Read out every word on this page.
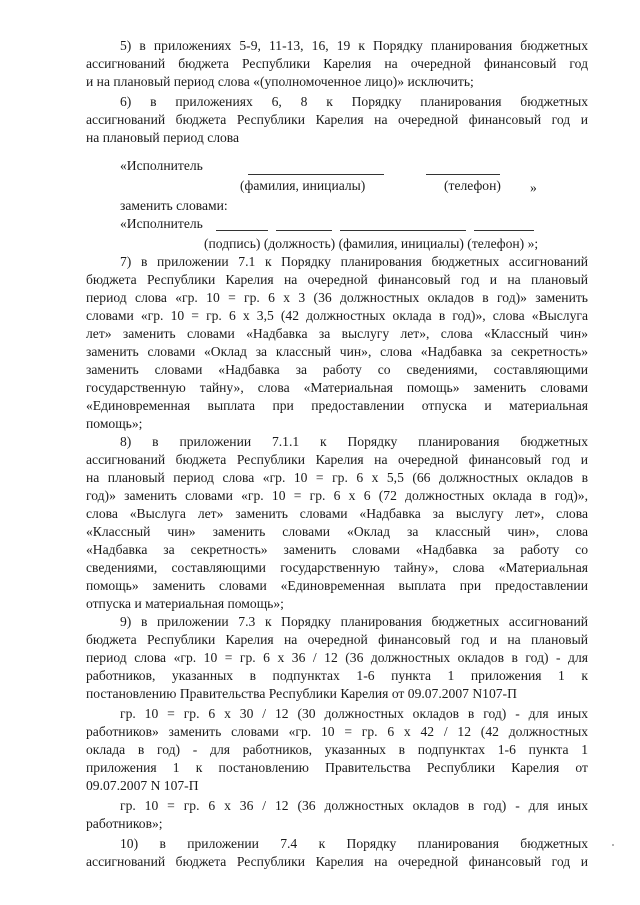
5) в приложениях 5-9, 11-13, 16, 19 к Порядку планирования бюджетных
ассигнований бюджета Республики Карелия на очередной финансовый год
и на плановый период слова «(уполномоченное лицо)» исключить;
6) в приложениях 6, 8 к Порядку планирования бюджетных
ассигнований бюджета Республики Карелия на очередной финансовый год и
на плановый период слова
«Исполнитель
(фамилия, инициалы)	(телефон) »
заменить словами:
«Исполнитель
(подпись) (должность) (фамилия, инициалы) (телефон) »;
7) в приложении 7.1 к Порядку планирования бюджетных ассигнований
бюджета Республики Карелия на очередной финансовый год и на плановый
период слова «гр. 10 = гр. 6 х 3 (36 должностных окладов в год)» заменить
словами «гр. 10 = гр. 6 х 3,5 (42 должностных оклада в год)», слова «Выслуга
лет» заменить словами «Надбавка за выслугу лет», слова «Классный чин»
заменить словами «Оклад за классный чин», слова «Надбавка за секретность»
заменить словами «Надбавка за работу со сведениями, составляющими
государственную тайну», слова «Материальная помощь» заменить словами
«Единовременная выплата при предоставлении отпуска и материальная
помощь»;
8) в приложении 7.1.1 к Порядку планирования бюджетных
ассигнований бюджета Республики Карелия на очередной финансовый год и
на плановый период слова «гр. 10 = гр. 6 х 5,5 (66 должностных окладов в
год)» заменить словами «гр. 10 = гр. 6 х 6 (72 должностных оклада в год)»,
слова «Выслуга лет» заменить словами «Надбавка за выслугу лет», слова
«Классный чин» заменить словами «Оклад за классный чин», слова
«Надбавка за секретность» заменить словами «Надбавка за работу со
сведениями, составляющими государственную тайну», слова «Материальная
помощь» заменить словами «Единовременная выплата при предоставлении
отпуска и материальная помощь»;
9) в приложении 7.3 к Порядку планирования бюджетных ассигнований
бюджета Республики Карелия на очередной финансовый год и на плановый
период слова «гр. 10 = гр. 6 х 36 / 12 (36 должностных окладов в год) - для
работников, указанных в подпунктах 1-6 пункта 1 приложения 1 к
постановлению Правительства Республики Карелия от 09.07.2007 N107-П
гр. 10 = гр. 6 х 30 / 12 (30 должностных окладов в год) - для иных
работников» заменить словами «гр. 10 = гр. 6 х 42 / 12 (42 должностных
оклада в год) - для работников, указанных в подпунктах 1-6 пункта 1
приложения 1 к постановлению Правительства Республики Карелия от
09.07.2007 N 107-П
гр. 10 = гр. 6 х 36 / 12 (36 должностных окладов в год) - для иных
работников»;
10) в приложении 7.4 к Порядку планирования бюджетных
ассигнований бюджета Республики Карелия на очередной финансовый год и
